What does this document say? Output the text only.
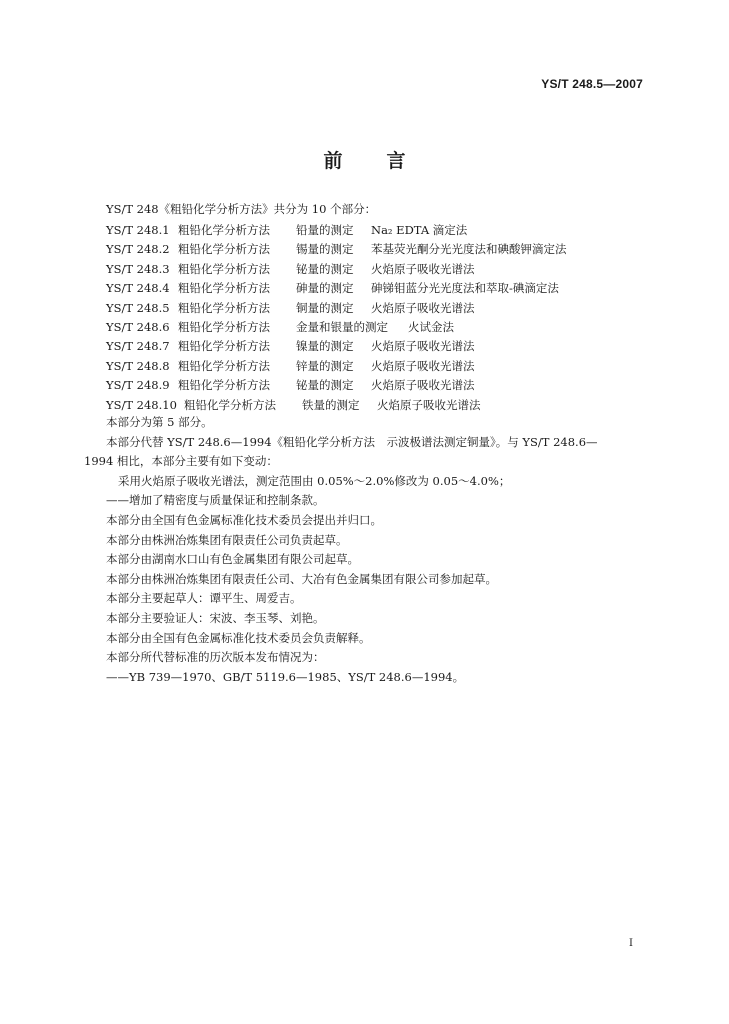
YS/T 248.5—2007
前 言
YS/T 248《粗铅化学分析方法》共分为 10 个部分：
YS/T 248.1 粗铅化学分析方法 铅量的测定 Na₂ EDTA 滴定法
YS/T 248.2 粗铅化学分析方法 锡量的测定 苯基荧光酮分光光度法和碘酸钾滴定法
YS/T 248.3 粗铅化学分析方法 铋量的测定 火焰原子吸收光谱法
YS/T 248.4 粗铅化学分析方法 砷量的测定 砷锑钼蓝分光光度法和萃取-碘滴定法
YS/T 248.5 粗铅化学分析方法 铜量的测定 火焰原子吸收光谱法
YS/T 248.6 粗铅化学分析方法 金量和银量的测定 火试金法
YS/T 248.7 粗铅化学分析方法 镍量的测定 火焰原子吸收光谱法
YS/T 248.8 粗铅化学分析方法 锌量的测定 火焰原子吸收光谱法
YS/T 248.9 粗铅化学分析方法 铋量的测定 火焰原子吸收光谱法
YS/T 248.10 粗铅化学分析方法 铁量的测定 火焰原子吸收光谱法
本部分为第 5 部分。
本部分代替 YS/T 248.6—1994《粗铅化学分析方法　示波极谱法测定铜量》。与 YS/T 248.6—
1994 相比，本部分主要有如下变动：
采用火焰原子吸收光谱法，测定范围由 0.05%～2.0%修改为 0.05～4.0%；
——增加了精密度与质量保证和控制条款。
本部分由全国有色金属标准化技术委员会提出并归口。
本部分由株洲冶炼集团有限责任公司负责起草。
本部分由湖南水口山有色金属集团有限公司起草。
本部分由株洲冶炼集团有限责任公司、大冶有色金属集团有限公司参加起草。
本部分主要起草人：谭平生、周爱吉。
本部分主要验证人：宋波、李玉琴、刘艳。
本部分由全国有色金属标准化技术委员会负责解释。
本部分所代替标准的历次版本发布情况为：
——YB 739—1970、GB/T 5119.6—1985、YS/T 248.6—1994。
I
